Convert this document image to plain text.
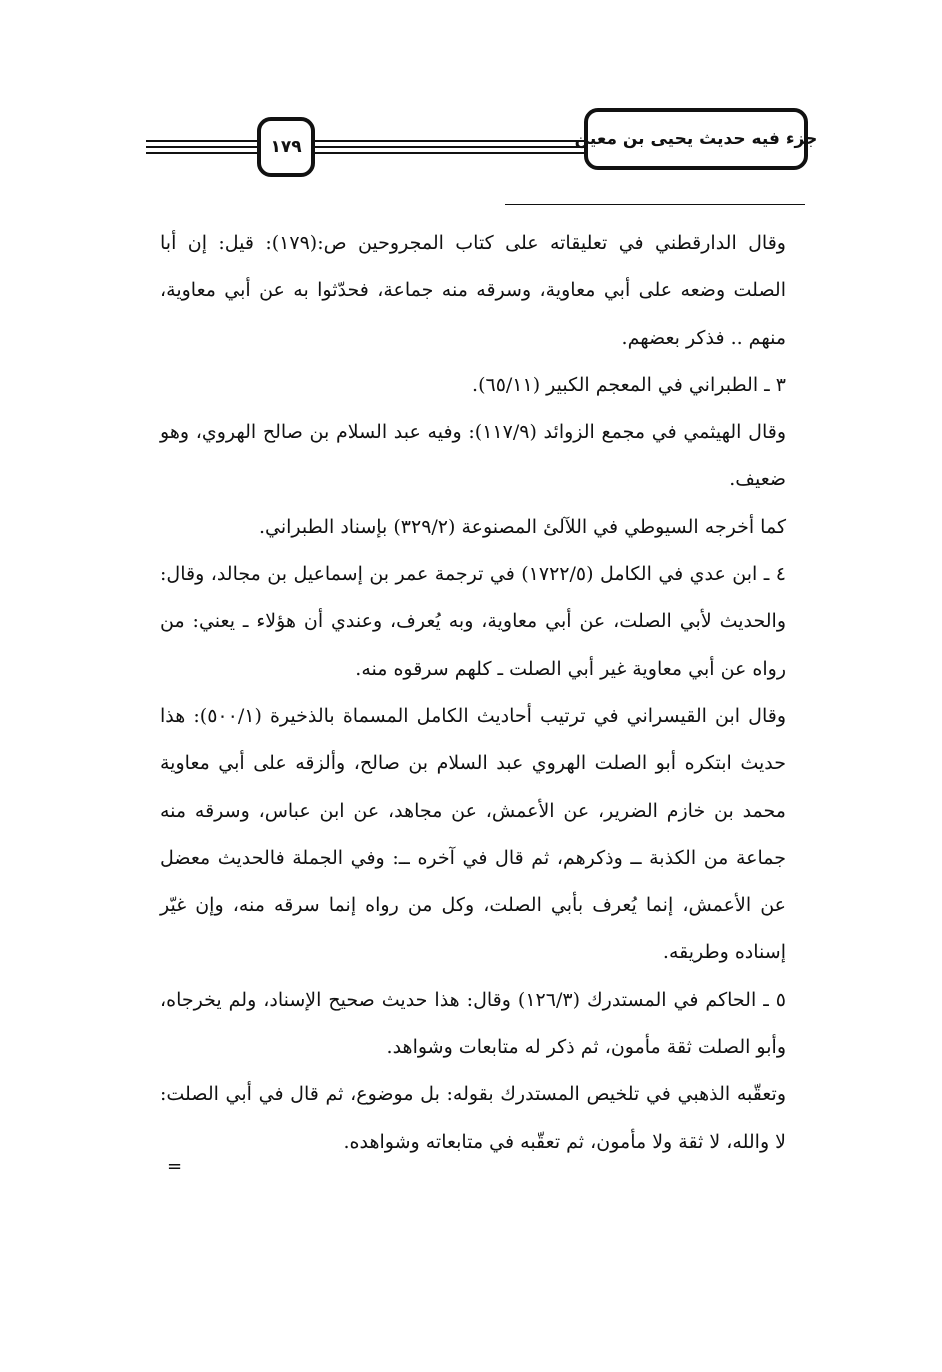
١٧٩	جزء فيه حديث يحيى بن معين

وقال الدارقطني في تعليقاته على كتاب المجروحين ص:(١٧٩): قيل: إن أبا الصلت وضعه على أبي معاوية، وسرقه منه جماعة، فحدّثوا به عن أبي معاوية، منهم .. فذكر بعضهم.

٣ ـ الطبراني في المعجم الكبير (٦٥/١١).

وقال الهيثمي في مجمع الزوائد (١١٧/٩): وفيه عبد السلام بن صالح الهروي، وهو ضعيف.

كما أخرجه السيوطي في اللآلئ المصنوعة (٣٢٩/٢) بإسناد الطبراني.

٤ ـ ابن عدي في الكامل (١٧٢٢/٥) في ترجمة عمر بن إسماعيل بن مجالد، وقال: والحديث لأبي الصلت، عن أبي معاوية، وبه يُعرف، وعندي أن هؤلاء ـ يعني: من رواه عن أبي معاوية غير أبي الصلت ـ كلهم سرقوه منه.

وقال ابن القيسراني في ترتيب أحاديث الكامل المسماة بالذخيرة (٥٠٠/١): هذا حديث ابتكره أبو الصلت الهروي عبد السلام بن صالح، وألزقه على أبي معاوية محمد بن خازم الضرير، عن الأعمش، عن مجاهد، عن ابن عباس، وسرقه منه جماعة من الكذبة ــ وذكرهم، ثم قال في آخره ــ: وفي الجملة فالحديث معضل عن الأعمش، إنما يُعرف بأبي الصلت، وكل من رواه إنما سرقه منه، وإن غيّر إسناده وطريقه.

٥ ـ الحاكم في المستدرك (١٢٦/٣) وقال: هذا حديث صحيح الإسناد، ولم يخرجاه، وأبو الصلت ثقة مأمون، ثم ذكر له متابعات وشواهد.

وتعقّبه الذهبي في تلخيص المستدرك بقوله: بل موضوع، ثم قال في أبي الصلت: لا والله، لا ثقة ولا مأمون، ثم تعقّبه في متابعاته وشواهده.

=
